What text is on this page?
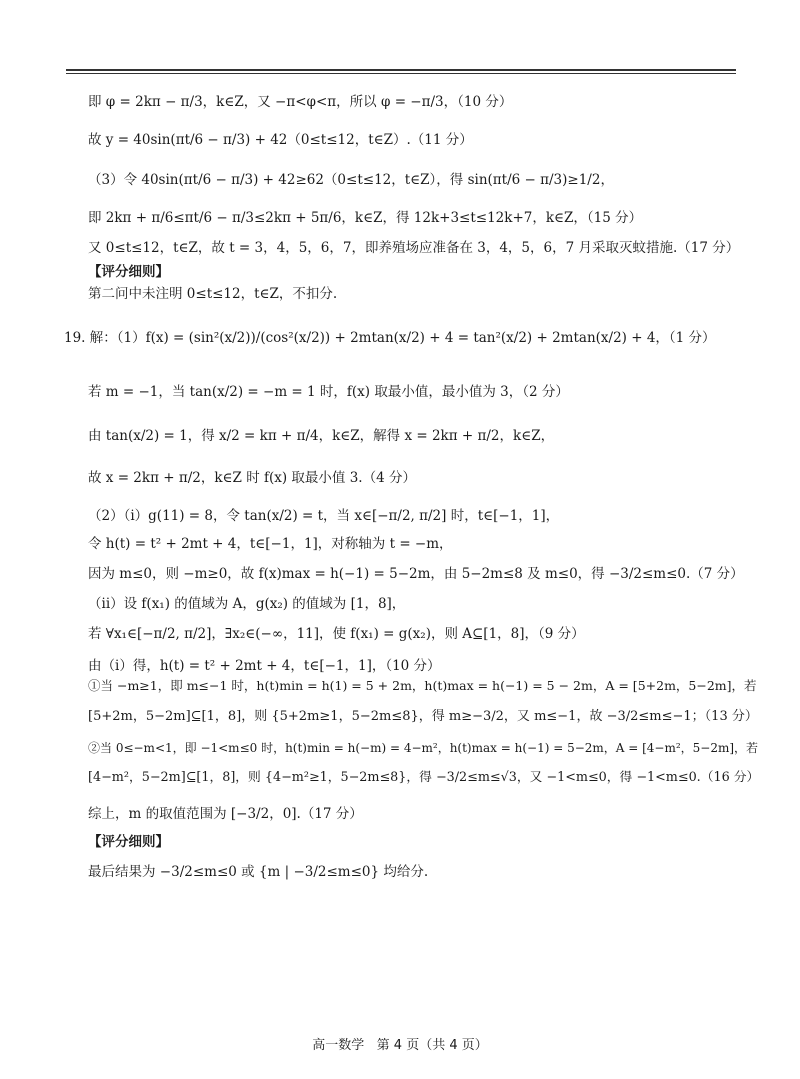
即 φ = 2kπ − π/3，k∈Z，又 −π<φ<π，所以 φ = −π/3，（10 分）
故 y = 40sin(πt/6 − π/3) + 42（0≤t≤12，t∈Z）.（11 分）
（3）令 40sin(πt/6 − π/3) + 42≥62（0≤t≤12，t∈Z），得 sin(πt/6 − π/3)≥1/2，
即 2kπ + π/6≤πt/6 − π/3≤2kπ + 5π/6，k∈Z，得 12k+3≤t≤12k+7，k∈Z，（15 分）
又 0≤t≤12，t∈Z，故 t = 3，4，5，6，7，即养殖场应准备在 3，4，5，6，7 月采取灭蚊措施.（17 分）
【评分细则】
第二问中未注明 0≤t≤12，t∈Z，不扣分.
19. 解：（1）f(x) = (sin²(x/2))/(cos²(x/2)) + 2mtan(x/2) + 4 = tan²(x/2) + 2mtan(x/2) + 4，（1 分）
若 m = −1，当 tan(x/2) = −m = 1 时，f(x) 取最小值，最小值为 3，（2 分）
由 tan(x/2) = 1，得 x/2 = kπ + π/4，k∈Z，解得 x = 2kπ + π/2，k∈Z，
故 x = 2kπ + π/2，k∈Z 时 f(x) 取最小值 3.（4 分）
（2）（i）g(11) = 8，令 tan(x/2) = t，当 x∈[−π/2, π/2] 时，t∈[−1，1]，
令 h(t) = t² + 2mt + 4，t∈[−1，1]，对称轴为 t = −m，
因为 m≤0，则 −m≥0，故 f(x)max = h(−1) = 5−2m，由 5−2m≤8 及 m≤0，得 −3/2≤m≤0.（7 分）
（ii）设 f(x₁) 的值域为 A，g(x₂) 的值域为 [1，8]，
若 ∀x₁∈[−π/2, π/2]，∃x₂∈(−∞，11]，使 f(x₁) = g(x₂)，则 A⊆[1，8]，（9 分）
由（i）得，h(t) = t² + 2mt + 4，t∈[−1，1]，（10 分）
①当 −m≥1，即 m≤−1 时，h(t)min = h(1) = 5 + 2m，h(t)max = h(−1) = 5 − 2m，A = [5+2m，5−2m]，若
[5+2m，5−2m]⊆[1，8]，则 {5+2m≥1，5−2m≤8}，得 m≥−3/2，又 m≤−1，故 −3/2≤m≤−1；（13 分）
②当 0≤−m<1，即 −1<m≤0 时，h(t)min = h(−m) = 4−m²，h(t)max = h(−1) = 5−2m，A = [4−m²，5−2m]，若
[4−m²，5−2m]⊆[1，8]，则 {4−m²≥1，5−2m≤8}，得 −3/2≤m≤√3，又 −1<m≤0，得 −1<m≤0.（16 分）
综上，m 的取值范围为 [−3/2，0].（17 分）
【评分细则】
最后结果为 −3/2≤m≤0 或 {m | −3/2≤m≤0} 均给分.
高一数学   第 4 页（共 4 页）
